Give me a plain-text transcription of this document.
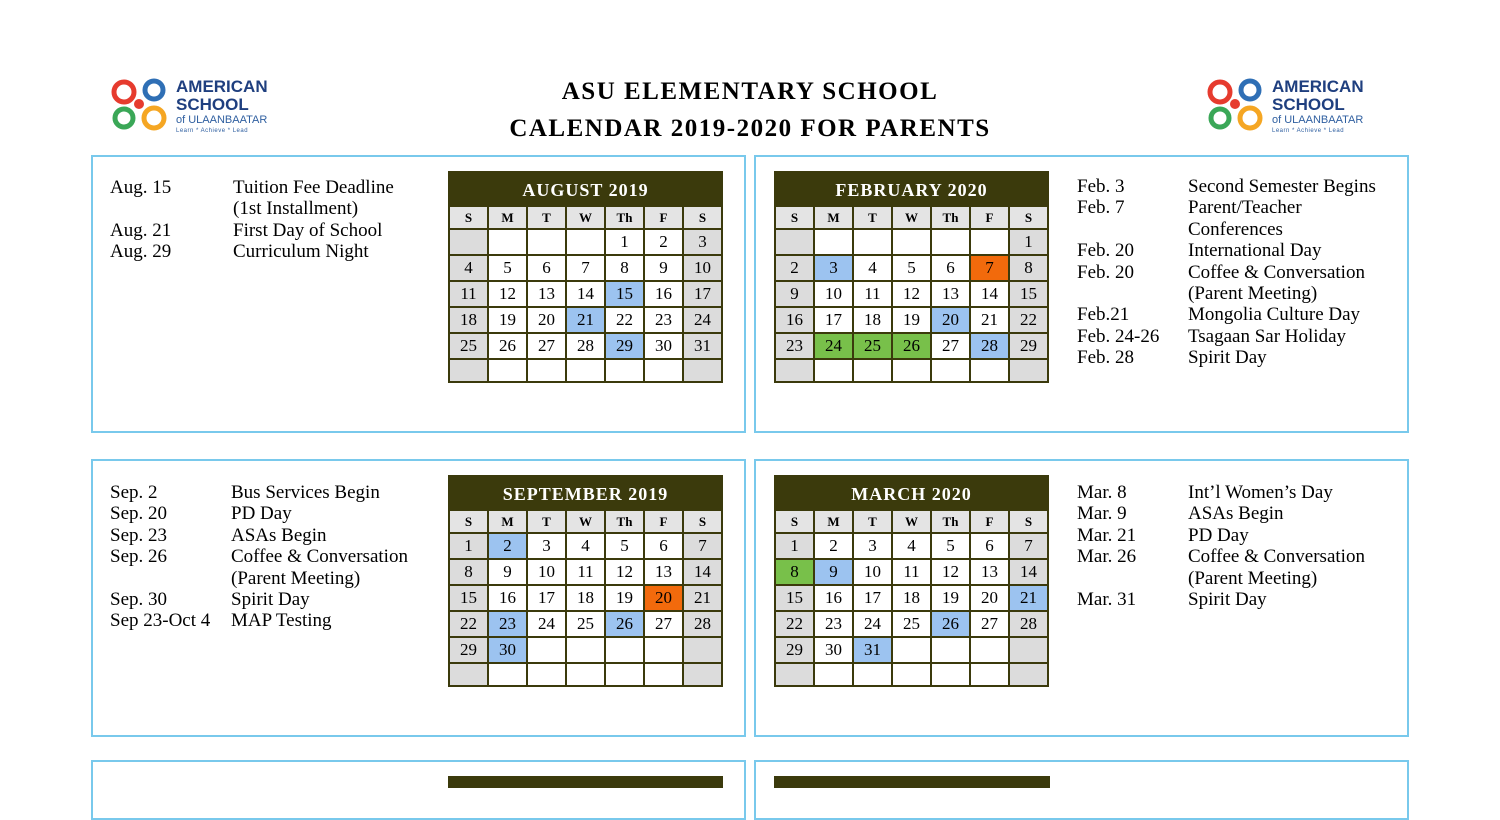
ASU ELEMENTARY SCHOOL
CALENDAR 2019-2020 FOR PARENTS
AMERICAN
SCHOOL
of ULAANBAATAR
Learn * Achieve * Lead
AMERICAN
SCHOOL
of ULAANBAATAR
Learn * Achieve * Lead
AUGUST 2019
S	M	T	W	Th	F	S
				1	2	3
4	5	6	7	8	9	10
11	12	13	14	15	16	17
18	19	20	21	22	23	24
25	26	27	28	29	30	31

FEBRUARY 2020
S	M	T	W	Th	F	S
						1
2	3	4	5	6	7	8
9	10	11	12	13	14	15
16	17	18	19	20	21	22
23	24	25	26	27	28	29

SEPTEMBER 2019
S	M	T	W	Th	F	S
1	2	3	4	5	6	7
8	9	10	11	12	13	14
15	16	17	18	19	20	21
22	23	24	25	26	27	28
29	30					

MARCH 2020
S	M	T	W	Th	F	S
1	2	3	4	5	6	7
8	9	10	11	12	13	14
15	16	17	18	19	20	21
22	23	24	25	26	27	28
29	30	31				

Aug. 15	Tuition Fee Deadline
(1st Installment)
Aug. 21	First Day of School
Aug. 29	Curriculum Night
Feb. 3	Second Semester Begins
Feb. 7	Parent/Teacher
Conferences
Feb. 20	International Day
Feb. 20	Coffee & Conversation
(Parent Meeting)
Feb.21	Mongolia Culture Day
Feb. 24-26	Tsagaan Sar Holiday
Feb. 28	Spirit Day
Sep. 2	Bus Services Begin
Sep. 20	PD Day
Sep. 23	ASAs Begin
Sep. 26	Coffee & Conversation
(Parent Meeting)
Sep. 30	Spirit Day
Sep 23-Oct 4	MAP Testing
Mar. 8	Int’l Women’s Day
Mar. 9	ASAs Begin
Mar. 21	PD Day
Mar. 26	Coffee & Conversation
(Parent Meeting)
Mar. 31	Spirit Day
